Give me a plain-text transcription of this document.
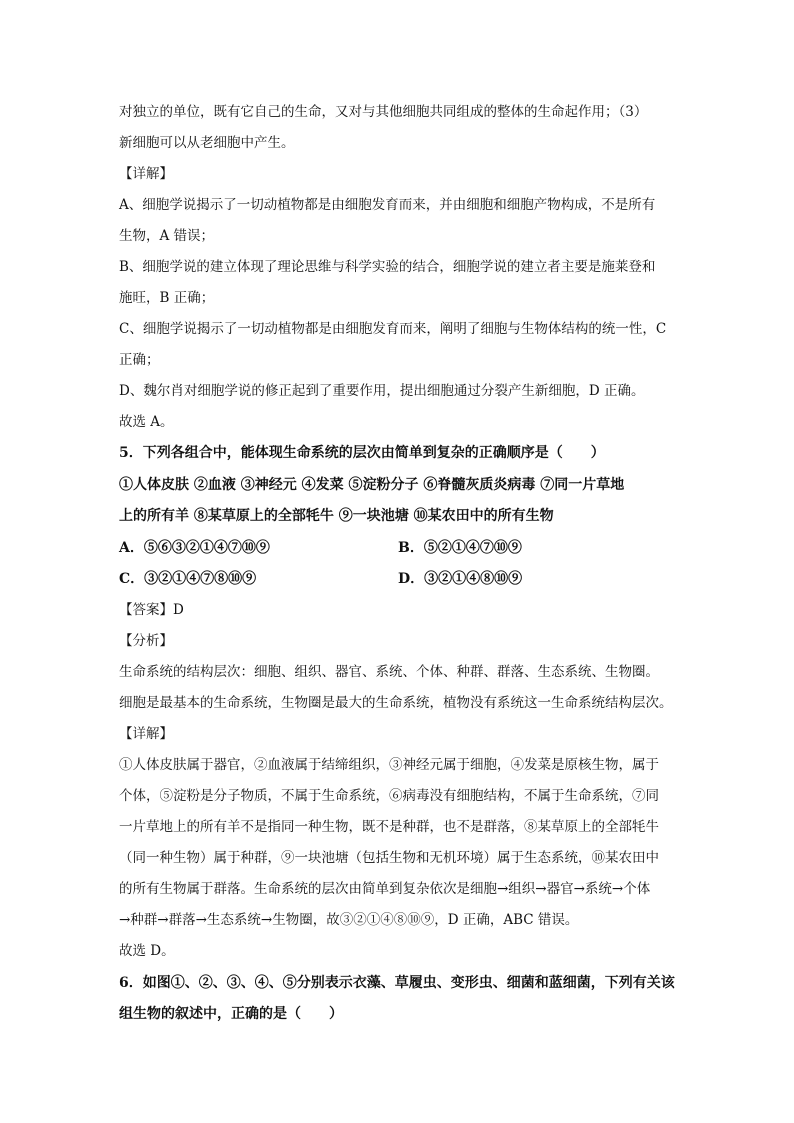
对独立的单位，既有它自己的生命，又对与其他细胞共同组成的整体的生命起作用；（3）
新细胞可以从老细胞中产生。
【详解】
A、细胞学说揭示了一切动植物都是由细胞发育而来，并由细胞和细胞产物构成，不是所有
生物，A 错误；
B、细胞学说的建立体现了理论思维与科学实验的结合，细胞学说的建立者主要是施莱登和
施旺，B 正确；
C、细胞学说揭示了一切动植物都是由细胞发育而来，阐明了细胞与生物体结构的统一性，C
正确；
D、魏尔肖对细胞学说的修正起到了重要作用，提出细胞通过分裂产生新细胞，D 正确。
故选 A。
5．下列各组合中，能体现生命系统的层次由简单到复杂的正确顺序是（　　）
①人体皮肤 ②血液 ③神经元 ④发菜 ⑤淀粉分子 ⑥脊髓灰质炎病毒 ⑦同一片草地
上的所有羊 ⑧某草原上的全部牦牛 ⑨一块池塘 ⑩某农田中的所有生物
A．⑤⑥③②①④⑦⑩⑨	B．⑤②①④⑦⑩⑨
C．③②①④⑦⑧⑩⑨	D．③②①④⑧⑩⑨
【答案】D
【分析】
生命系统的结构层次：细胞、组织、器官、系统、个体、种群、群落、生态系统、生物圈。
细胞是最基本的生命系统，生物圈是最大的生命系统，植物没有系统这一生命系统结构层次。
【详解】
①人体皮肤属于器官，②血液属于结缔组织，③神经元属于细胞，④发菜是原核生物，属于
个体，⑤淀粉是分子物质，不属于生命系统，⑥病毒没有细胞结构，不属于生命系统，⑦同
一片草地上的所有羊不是指同一种生物，既不是种群，也不是群落，⑧某草原上的全部牦牛
（同一种生物）属于种群，⑨一块池塘（包括生物和无机环境）属于生态系统，⑩某农田中
的所有生物属于群落。生命系统的层次由简单到复杂依次是细胞→组织→器官→系统→个体
→种群→群落→生态系统→生物圈，故③②①④⑧⑩⑨，D 正确，ABC 错误。
故选 D。
6．如图①、②、③、④、⑤分别表示衣藻、草履虫、变形虫、细菌和蓝细菌，下列有关该
组生物的叙述中，正确的是（　　）
